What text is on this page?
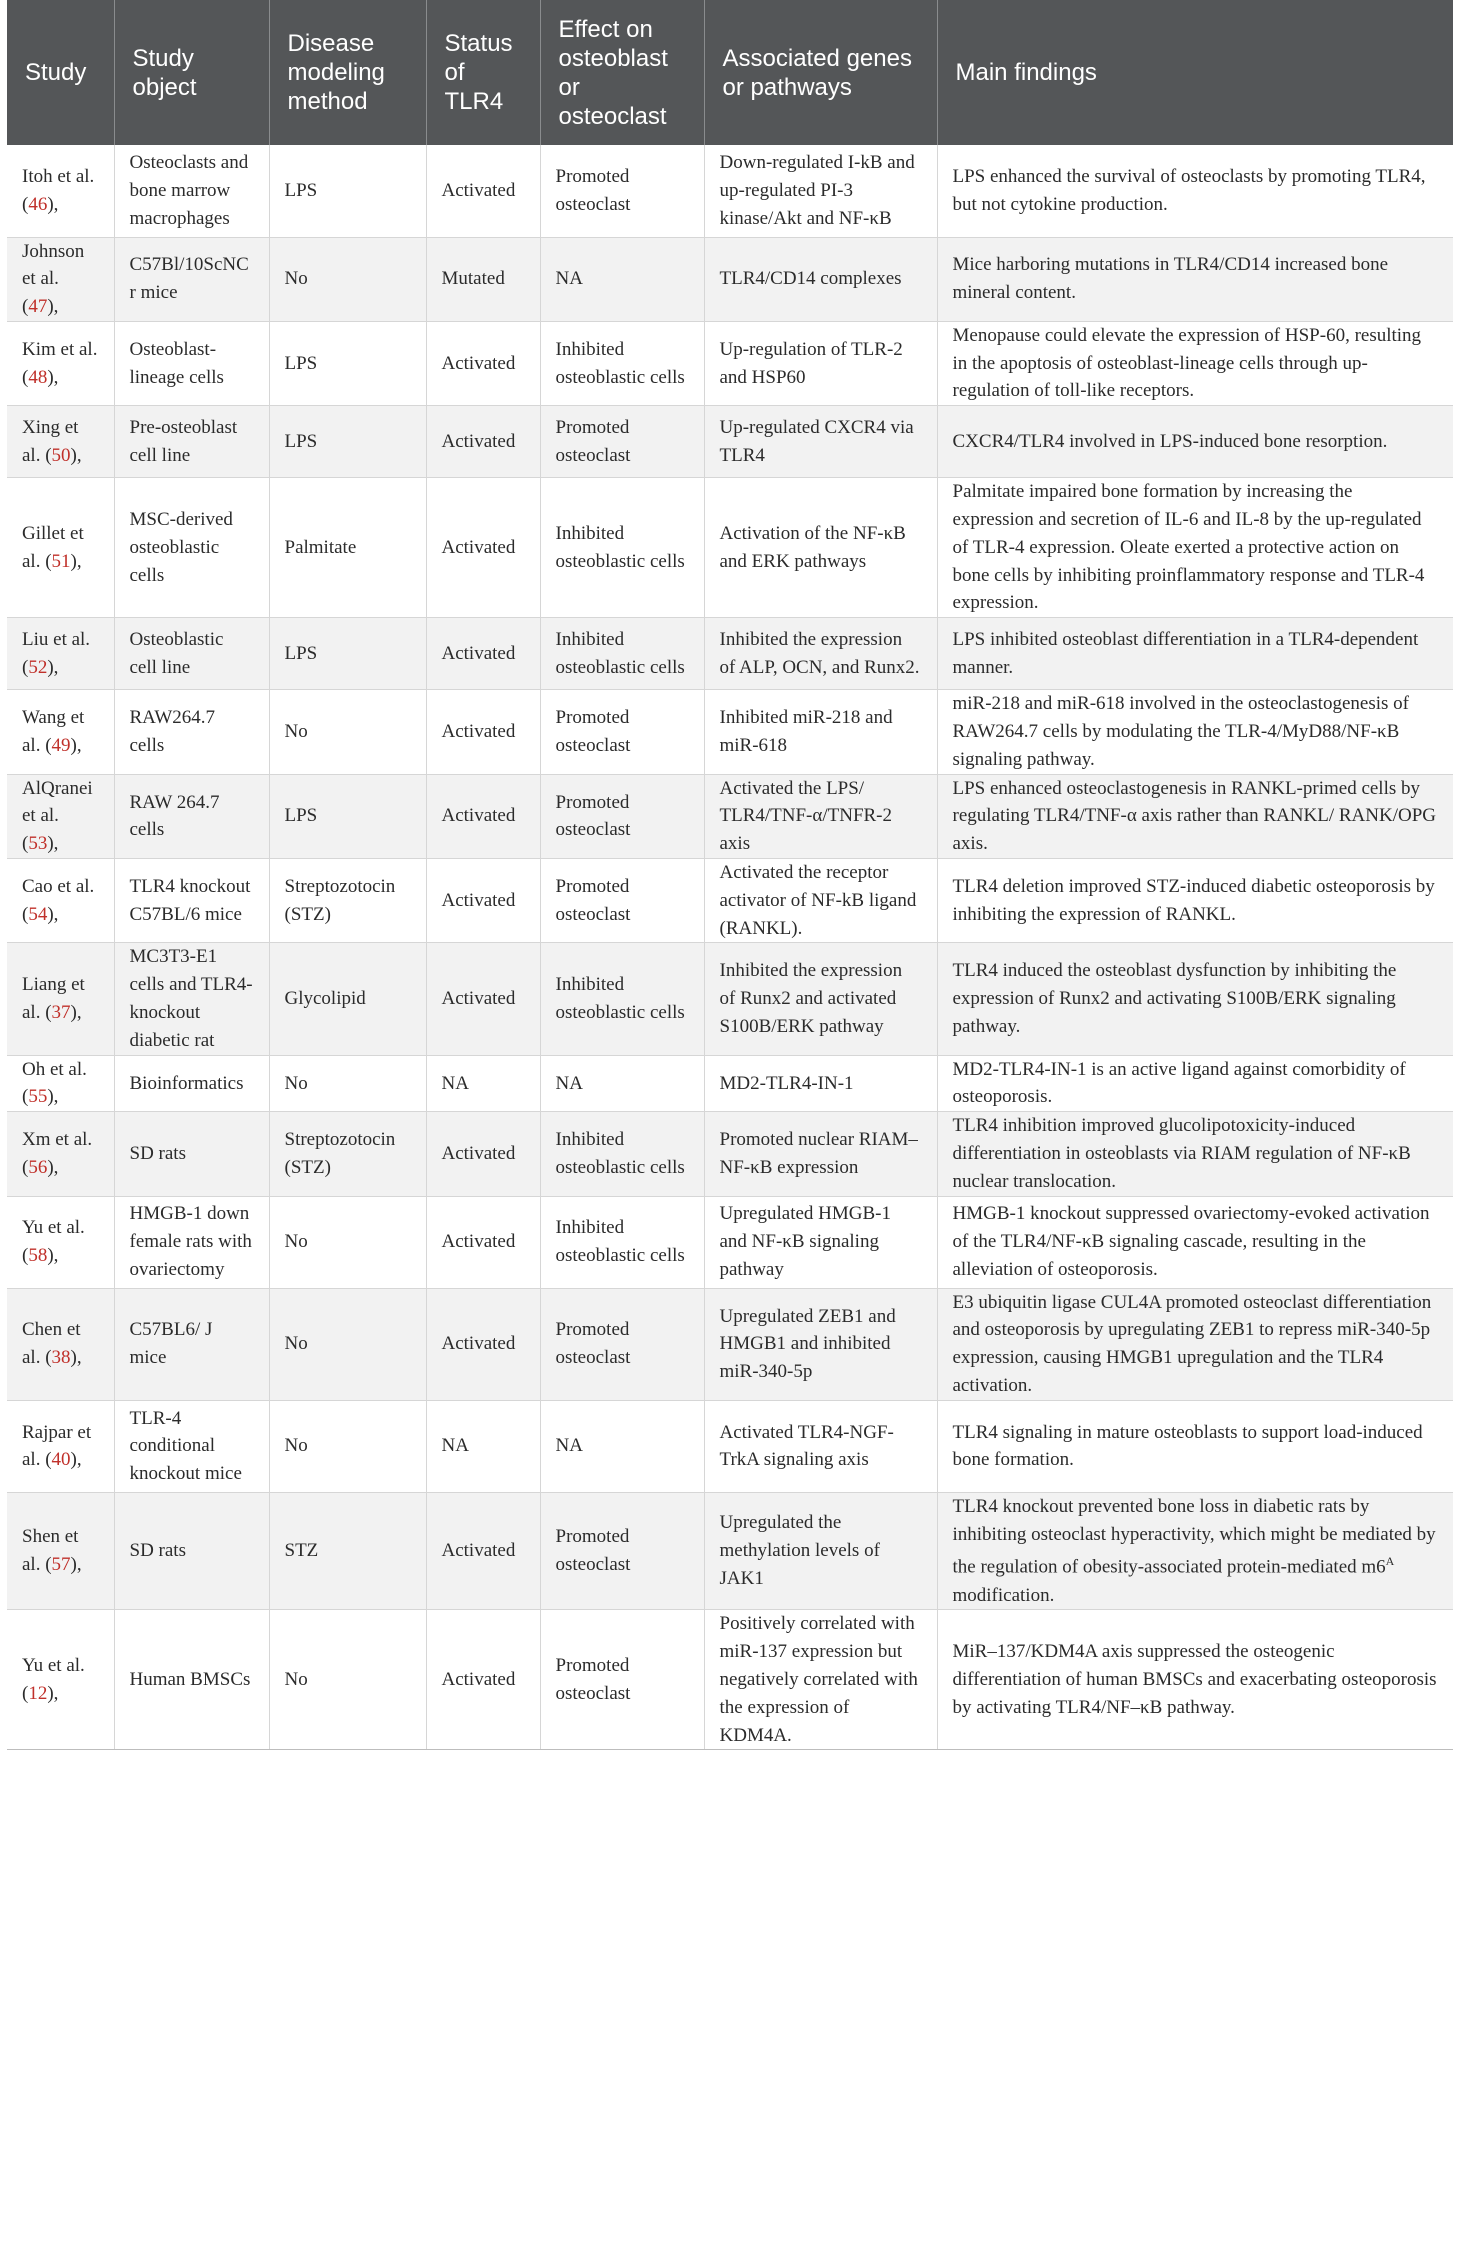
Study	Study object	Disease modeling method	Status of TLR4	Effect on osteoblast or osteoclast	Associated genes or pathways	Main findings
Itoh et al. (46),	Osteoclasts and bone marrow macrophages	LPS	Activated	Promoted osteoclast	Down-regulated I-kB and up-regulated PI-3 kinase/Akt and NF-κB	LPS enhanced the survival of osteoclasts by promoting TLR4, but not cytokine production.
Johnson et al. (47),	C57Bl/10ScNCr mice	No	Mutated	NA	TLR4/CD14 complexes	Mice harboring mutations in TLR4/CD14 increased bone mineral content.
Kim et al. (48),	Osteoblast-lineage cells	LPS	Activated	Inhibited osteoblastic cells	Up-regulation of TLR-2 and HSP60	Menopause could elevate the expression of HSP-60, resulting in the apoptosis of osteoblast-lineage cells through up-regulation of toll-like receptors.
Xing et al. (50),	Pre-osteoblast cell line	LPS	Activated	Promoted osteoclast	Up-regulated CXCR4 via TLR4	CXCR4/TLR4 involved in LPS-induced bone resorption.
Gillet et al. (51),	MSC-derived osteoblastic cells	Palmitate	Activated	Inhibited osteoblastic cells	Activation of the NF-κB and ERK pathways	Palmitate impaired bone formation by increasing the expression and secretion of IL-6 and IL-8 by the up-regulated of TLR-4 expression. Oleate exerted a protective action on bone cells by inhibiting proinflammatory response and TLR-4 expression.
Liu et al. (52),	Osteoblastic cell line	LPS	Activated	Inhibited osteoblastic cells	Inhibited the expression of ALP, OCN, and Runx2.	LPS inhibited osteoblast differentiation in a TLR4-dependent manner.
Wang et al. (49),	RAW264.7 cells	No	Activated	Promoted osteoclast	Inhibited miR-218 and miR-618	miR-218 and miR-618 involved in the osteoclastogenesis of RAW264.7 cells by modulating the TLR-4/MyD88/NF-κB signaling pathway.
AlQranei et al. (53),	RAW 264.7 cells	LPS	Activated	Promoted osteoclast	Activated the LPS/ TLR4/TNF-α/TNFR-2 axis	LPS enhanced osteoclastogenesis in RANKL-primed cells by regulating TLR4/TNF-α axis rather than RANKL/ RANK/OPG axis.
Cao et al. (54),	TLR4 knockout C57BL/6 mice	Streptozotocin (STZ)	Activated	Promoted osteoclast	Activated the receptor activator of NF-kB ligand (RANKL).	TLR4 deletion improved STZ-induced diabetic osteoporosis by inhibiting the expression of RANKL.
Liang et al. (37),	MC3T3-E1 cells and TLR4-knockout diabetic rat	Glycolipid	Activated	Inhibited osteoblastic cells	Inhibited the expression of Runx2 and activated S100B/ERK pathway	TLR4 induced the osteoblast dysfunction by inhibiting the expression of Runx2 and activating S100B/ERK signaling pathway.
Oh et al. (55),	Bioinformatics	No	NA	NA	MD2-TLR4-IN-1	MD2-TLR4-IN-1 is an active ligand against comorbidity of osteoporosis.
Xm et al. (56),	SD rats	Streptozotocin (STZ)	Activated	Inhibited osteoblastic cells	Promoted nuclear RIAM–NF-κB expression	TLR4 inhibition improved glucolipotoxicity-induced differentiation in osteoblasts via RIAM regulation of NF-κB nuclear translocation.
Yu et al. (58),	HMGB-1 down female rats with ovariectomy	No	Activated	Inhibited osteoblastic cells	Upregulated HMGB-1 and NF-κB signaling pathway	HMGB-1 knockout suppressed ovariectomy-evoked activation of the TLR4/NF-κB signaling cascade, resulting in the alleviation of osteoporosis.
Chen et al. (38),	C57BL6/ J mice	No	Activated	Promoted osteoclast	Upregulated ZEB1 and HMGB1 and inhibited miR-340-5p	E3 ubiquitin ligase CUL4A promoted osteoclast differentiation and osteoporosis by upregulating ZEB1 to repress miR-340-5p expression, causing HMGB1 upregulation and the TLR4 activation.
Rajpar et al. (40),	TLR-4 conditional knockout mice	No	NA	NA	Activated TLR4-NGF-TrkA signaling axis	TLR4 signaling in mature osteoblasts to support load-induced bone formation.
Shen et al. (57),	SD rats	STZ	Activated	Promoted osteoclast	Upregulated the methylation levels of JAK1	TLR4 knockout prevented bone loss in diabetic rats by inhibiting osteoclast hyperactivity, which might be mediated by the regulation of obesity-associated protein-mediated $m6^A$ modification.
Yu et al. (12),	Human BMSCs	No	Activated	Promoted osteoclast	Positively correlated with miR-137 expression but negatively correlated with the expression of KDM4A.	MiR–137/KDM4A axis suppressed the osteogenic differentiation of human BMSCs and exacerbating osteoporosis by activating TLR4/NF–κB pathway.
